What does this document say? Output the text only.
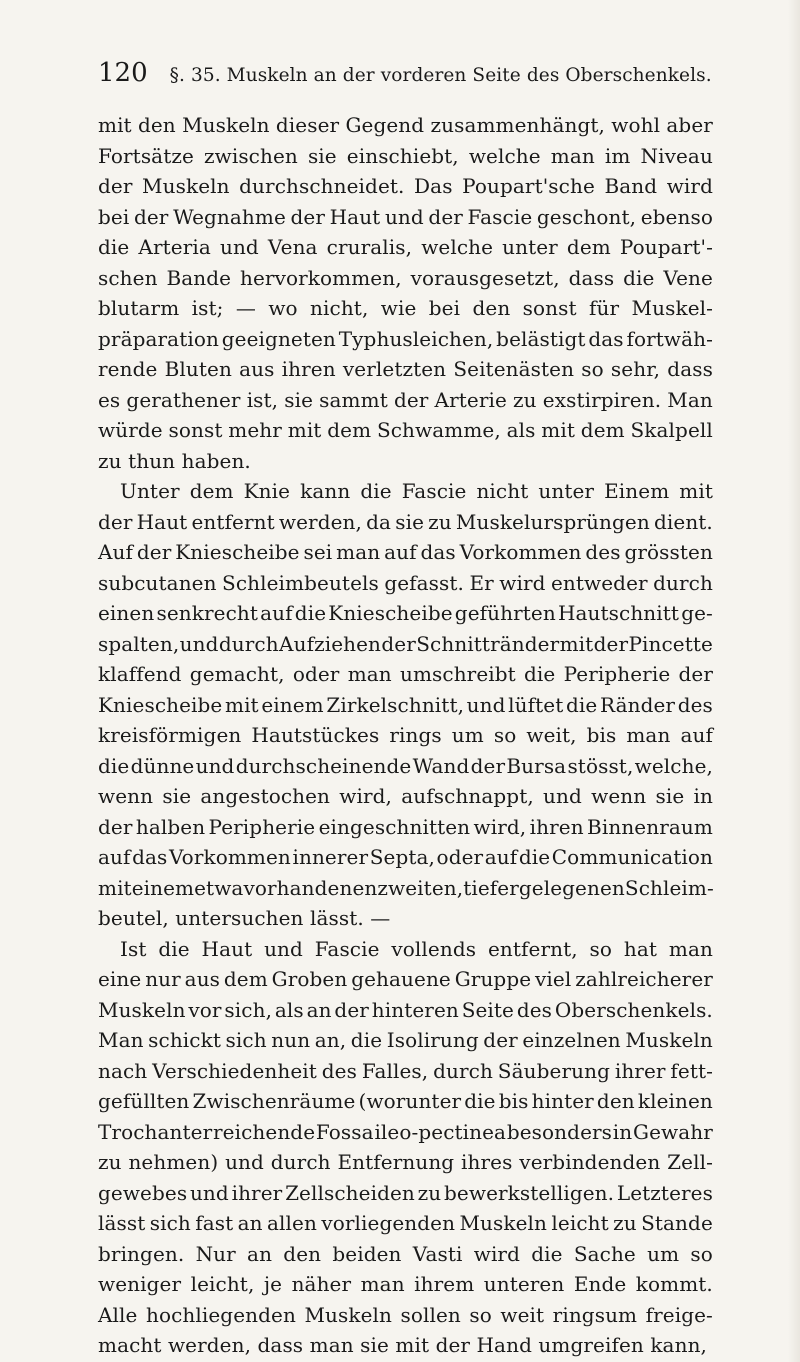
120 §. 35. Muskeln an der vorderen Seite des Oberschenkels.
mit den Muskeln dieser Gegend zusammenhängt, wohl aber
Fortsätze zwischen sie einschiebt, welche man im Niveau
der Muskeln durchschneidet. Das Poupart'sche Band wird
bei der Wegnahme der Haut und der Fascie geschont, ebenso
die Arteria und Vena cruralis, welche unter dem Poupart'-
schen Bande hervorkommen, vorausgesetzt, dass die Vene
blutarm ist; — wo nicht, wie bei den sonst für Muskel-
präparation geeigneten Typhusleichen, belästigt das fortwäh-
rende Bluten aus ihren verletzten Seitenästen so sehr, dass
es gerathener ist, sie sammt der Arterie zu exstirpiren. Man
würde sonst mehr mit dem Schwamme, als mit dem Skalpell
zu thun haben.
Unter dem Knie kann die Fascie nicht unter Einem mit
der Haut entfernt werden, da sie zu Muskelursprüngen dient.
Auf der Kniescheibe sei man auf das Vorkommen des grössten
subcutanen Schleimbeutels gefasst. Er wird entweder durch
einen senkrecht auf die Kniescheibe geführten Hautschnitt ge-
spalten, und durch Aufziehen der Schnittränder mit der Pincette
klaffend gemacht, oder man umschreibt die Peripherie der
Kniescheibe mit einem Zirkelschnitt, und lüftet die Ränder des
kreisförmigen Hautstückes rings um so weit, bis man auf
die dünne und durchscheinende Wand der Bursa stösst, welche,
wenn sie angestochen wird, aufschnappt, und wenn sie in
der halben Peripherie eingeschnitten wird, ihren Binnenraum
auf das Vorkommen innerer Septa, oder auf die Communication
mit einem etwa vorhandenen zweiten, tiefer gelegenen Schleim-
beutel, untersuchen lässt. —
Ist die Haut und Fascie vollends entfernt, so hat man
eine nur aus dem Groben gehauene Gruppe viel zahlreicherer
Muskeln vor sich, als an der hinteren Seite des Oberschenkels.
Man schickt sich nun an, die Isolirung der einzelnen Muskeln
nach Verschiedenheit des Falles, durch Säuberung ihrer fett-
gefüllten Zwischenräume (worunter die bis hinter den kleinen
Trochanter reichende Fossa ileo-pectinea besonders in Gewahr
zu nehmen) und durch Entfernung ihres verbindenden Zell-
gewebes und ihrer Zellscheiden zu bewerkstelligen. Letzteres
lässt sich fast an allen vorliegenden Muskeln leicht zu Stande
bringen. Nur an den beiden Vasti wird die Sache um so
weniger leicht, je näher man ihrem unteren Ende kommt.
Alle hochliegenden Muskeln sollen so weit ringsum freige-
macht werden, dass man sie mit der Hand umgreifen kann,
